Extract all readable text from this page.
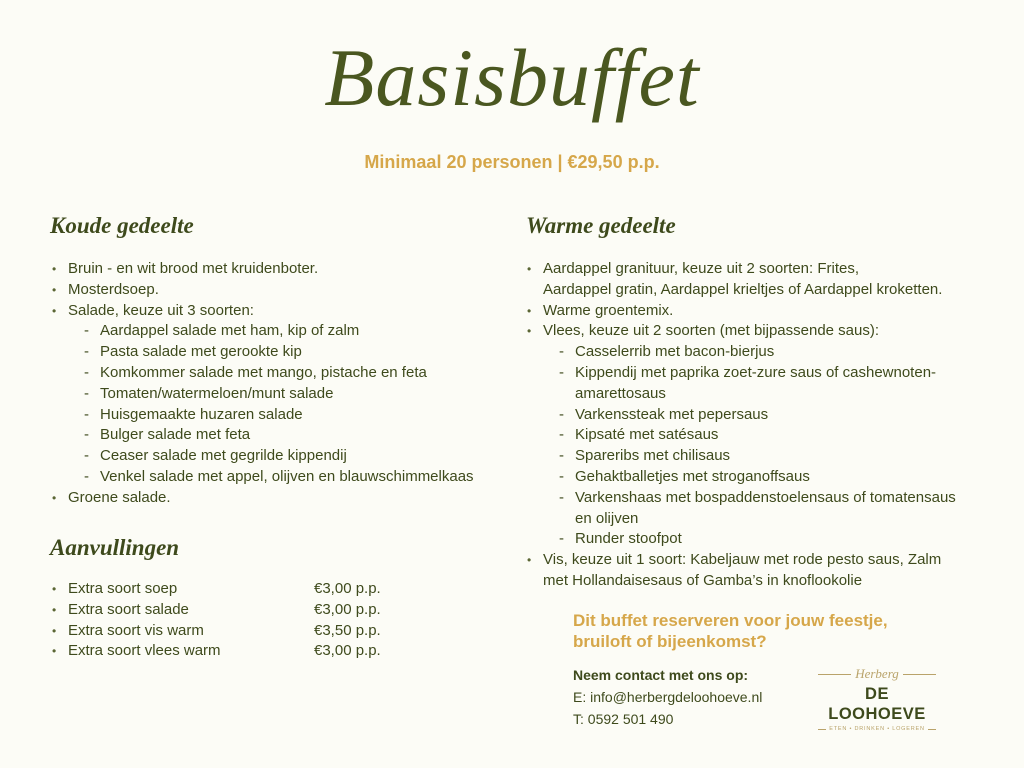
Basisbuffet
Minimaal 20 personen | €29,50 p.p.
Koude gedeelte
• Bruin - en wit brood met kruidenboter.
• Mosterdsoep.
• Salade, keuze uit 3 soorten:
- Aardappel salade met ham, kip of zalm
- Pasta salade met gerookte kip
- Komkommer salade met mango, pistache en feta
- Tomaten/watermeloen/munt salade
- Huisgemaakte huzaren salade
- Bulger salade met feta
- Ceaser salade met gegrilde kippendij
- Venkel salade met appel, olijven en blauwschimmelkaas
• Groene salade.
Aanvullingen
• Extra soort soep	€3,00 p.p.
• Extra soort salade	€3,00 p.p.
• Extra soort vis warm	€3,50 p.p.
• Extra soort vlees warm	€3,00 p.p.
Warme gedeelte
• Aardappel granituur, keuze uit 2 soorten: Frites,
Aardappel gratin, Aardappel krieltjes of Aardappel kroketten.
• Warme groentemix.
• Vlees, keuze uit 2 soorten (met bijpassende saus):
- Casselerrib met bacon-bierjus
- Kippendij met paprika zoet-zure saus of cashewnoten-
amarettosaus
- Varkenssteak met pepersaus
- Kipsaté met satésaus
- Spareribs met chilisaus
- Gehaktballetjes met stroganoffsaus
- Varkenshaas met bospaddenstoelensaus of tomatensaus
en olijven
- Runder stoofpot
• Vis, keuze uit 1 soort: Kabeljauw met rode pesto saus, Zalm
met Hollandaisesaus of Gamba’s in knoflookolie
Dit buffet reserveren voor jouw feestje,
bruiloft of bijeenkomst?
Neem contact met ons op:
E: info@herbergdeloohoeve.nl
T: 0592 501 490
Herberg
DE LOOHOEVE
ETEN • DRINKEN • LOGEREN
